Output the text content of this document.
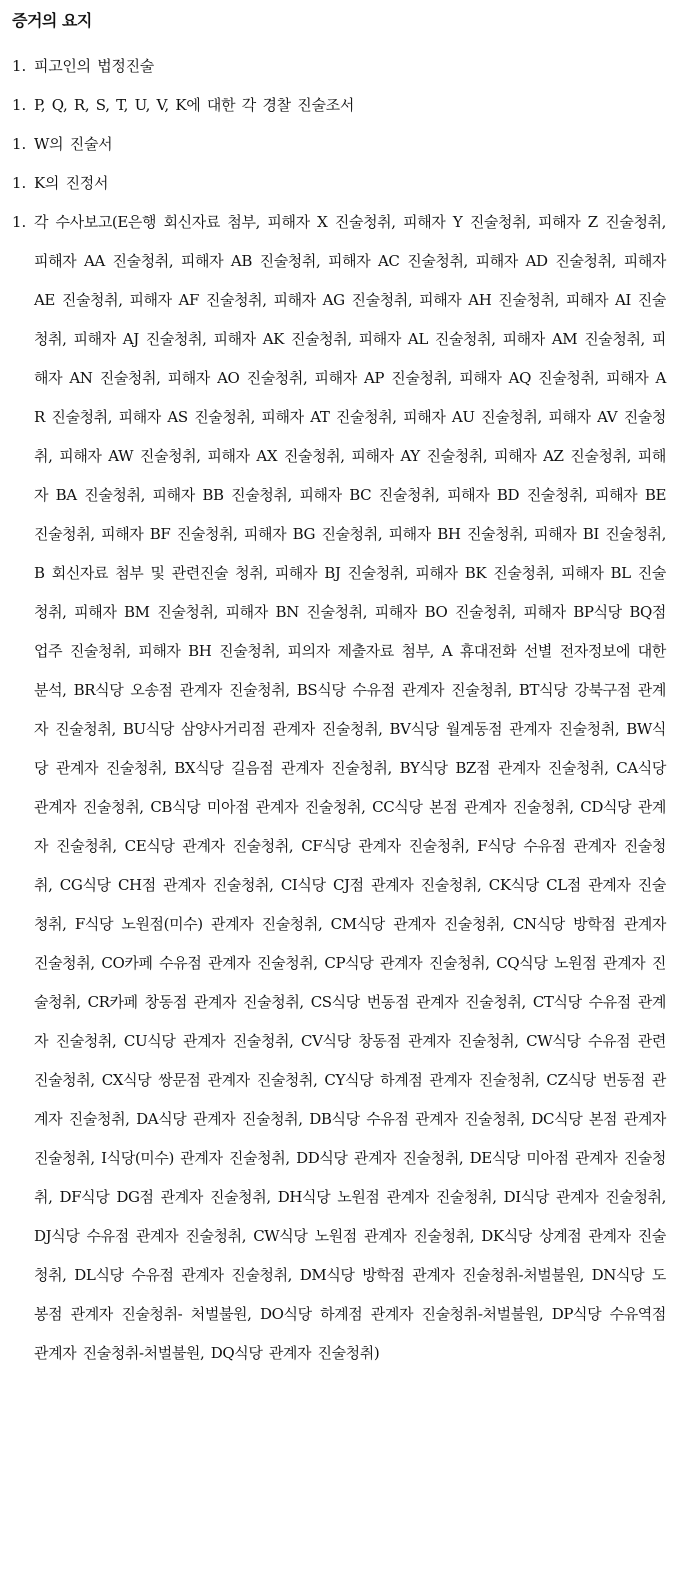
증거의 요지
1. 피고인의 법정진술
1. P, Q, R, S, T, U, V, K에 대한 각 경찰 진술조서
1. W의 진술서
1. K의 진정서
1. 각 수사보고(E은행 회신자료 첨부, 피해자 X 진술청취, 피해자 Y 진술청취, 피해자 Z 진술청취, 피해자 AA 진술청취, 피해자 AB 진술청취, 피해자 AC 진술청취, 피해자 AD 진술청취, 피해자 AE 진술청취, 피해자 AF 진술청취, 피해자 AG 진술청취, 피해자 AH 진술청취, 피해자 AI 진술청취, 피해자 AJ 진술청취, 피해자 AK 진술청취, 피해자 AL 진술청취, 피해자 AM 진술청취, 피해자 AN 진술청취, 피해자 AO 진술청취, 피해자 AP 진술청취, 피해자 AQ 진술청취, 피해자 AR 진술청취, 피해자 AS 진술청취, 피해자 AT 진술청취, 피해자 AU 진술청취, 피해자 AV 진술청취, 피해자 AW 진술청취, 피해자 AX 진술청취, 피해자 AY 진술청취, 피해자 AZ 진술청취, 피해자 BA 진술청취, 피해자 BB 진술청취, 피해자 BC 진술청취, 피해자 BD 진술청취, 피해자 BE 진술청취, 피해자 BF 진술청취, 피해자 BG 진술청취, 피해자 BH 진술청취, 피해자 BI 진술청취, B 회신자료 첨부 및 관련진술 청취, 피해자 BJ 진술청취, 피해자 BK 진술청취, 피해자 BL 진술청취, 피해자 BM 진술청취, 피해자 BN 진술청취, 피해자 BO 진술청취, 피해자 BP식당 BQ점 업주 진술청취, 피해자 BH 진술청취, 피의자 제출자료 첨부, A 휴대전화 선별 전자정보에 대한 분석, BR식당 오송점 관계자 진술청취, BS식당 수유점 관계자 진술청취, BT식당 강북구점 관계자 진술청취, BU식당 삼양사거리점 관계자 진술청취, BV식당 월계동점 관계자 진술청취, BW식당 관계자 진술청취, BX식당 길음점 관계자 진술청취, BY식당 BZ점 관계자 진술청취, CA식당 관계자 진술청취, CB식당 미아점 관계자 진술청취, CC식당 본점 관계자 진술청취, CD식당 관계자 진술청취, CE식당 관계자 진술청취, CF식당 관계자 진술청취, F식당 수유점 관계자 진술청취, CG식당 CH점 관계자 진술청취, CI식당 CJ점 관계자 진술청취, CK식당 CL점 관계자 진술청취, F식당 노원점(미수) 관계자 진술청취, CM식당 관계자 진술청취, CN식당 방학점 관계자 진술청취, CO카페 수유점 관계자 진술청취, CP식당 관계자 진술청취, CQ식당 노원점 관계자 진술청취, CR카페 창동점 관계자 진술청취, CS식당 번동점 관계자 진술청취, CT식당 수유점 관계자 진술청취, CU식당 관계자 진술청취, CV식당 창동점 관계자 진술청취, CW식당 수유점 관련 진술청취, CX식당 쌍문점 관계자 진술청취, CY식당 하계점 관계자 진술청취, CZ식당 번동점 관계자 진술청취, DA식당 관계자 진술청취, DB식당 수유점 관계자 진술청취, DC식당 본점 관계자 진술청취, I식당(미수) 관계자 진술청취, DD식당 관계자 진술청취, DE식당 미아점 관계자 진술청취, DF식당 DG점 관계자 진술청취, DH식당 노원점 관계자 진술청취, DI식당 관계자 진술청취, DJ식당 수유점 관계자 진술청취, CW식당 노원점 관계자 진술청취, DK식당 상계점 관계자 진술청취, DL식당 수유점 관계자 진술청취, DM식당 방학점 관계자 진술청취-처벌불원, DN식당 도봉점 관계자 진술청취- 처벌불원, DO식당 하계점 관계자 진술청취-처벌불원, DP식당 수유역점 관계자 진술청취-처벌불원, DQ식당 관계자 진술청취)
